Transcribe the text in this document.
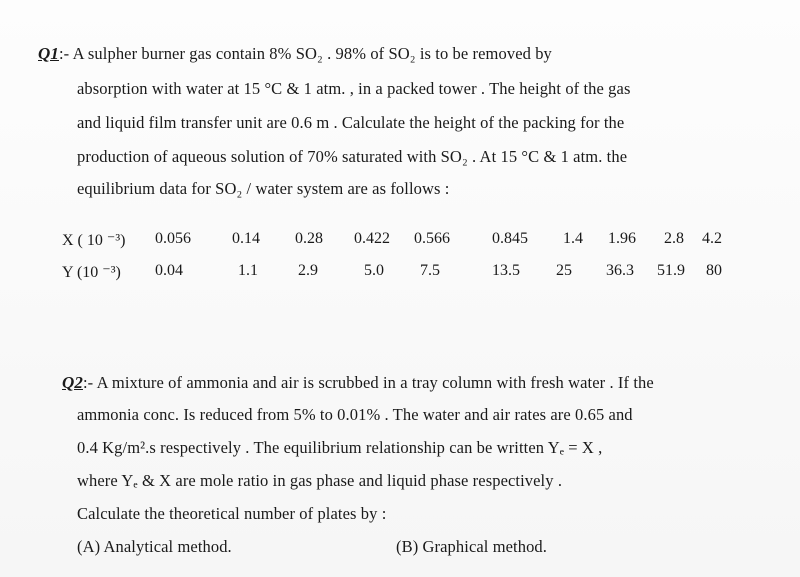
Q1:- A sulpher burner gas contain 8% SO₂ . 98% of SO₂ is to be removed by
absorption with water at 15 °C & 1 atm. , in a packed tower . The height of the gas
and liquid film transfer unit are 0.6 m . Calculate the height of the packing for the
production of aqueous solution of 70% saturated with SO₂ . At 15 °C & 1 atm. the
equilibrium data for SO₂ / water system are as follows :
X ( 10 ⁻³) 0.056	0.14 0.28 0.422 0.566	0.845 1.4 1.96 2.8 4.2
Y (10 ⁻³) 0.04	1.1	2.9	5.0 7.5	13.5 25 36.3 51.9 80
Q2:- A mixture of ammonia and air is scrubbed in a tray column with fresh water . If the
ammonia conc. Is reduced from 5% to 0.01% . The water and air rates are 0.65 and
0.4 Kg/m².s respectively . The equilibrium relationship can be written Yₑ = X ,
where Yₑ & X are mole ratio in gas phase and liquid phase respectively .
Calculate the theoretical number of plates by :
(A) Analytical method.	(B) Graphical method.
